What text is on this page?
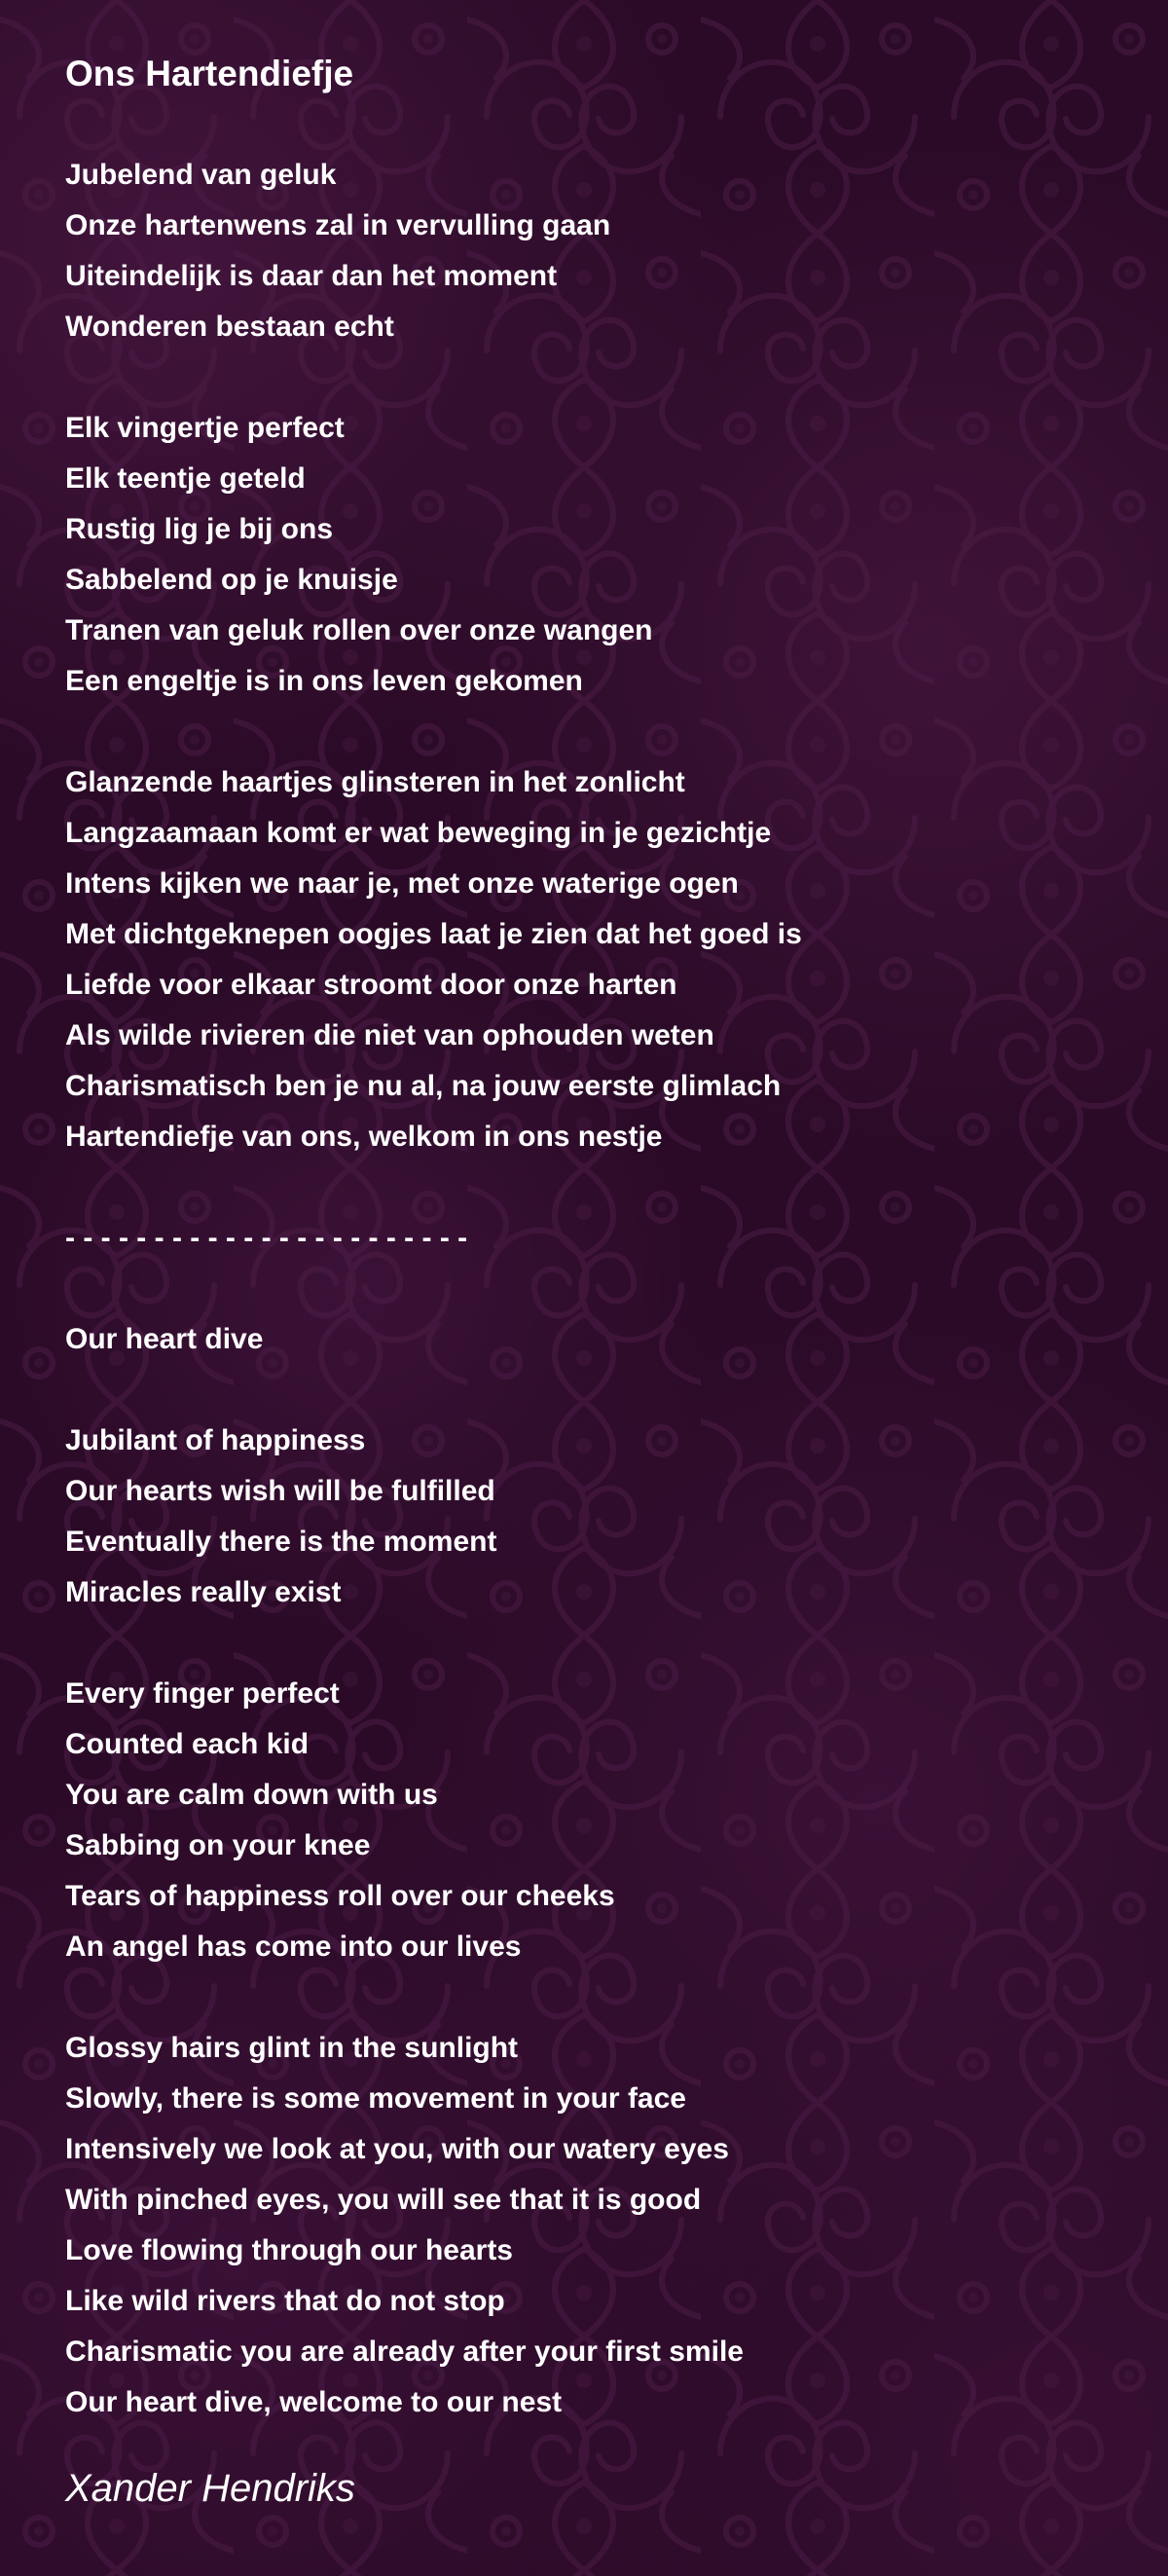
Ons Hartendiefje
Jubelend van geluk
Onze hartenwens zal in vervulling gaan
Uiteindelijk is daar dan het moment
Wonderen bestaan echt
Elk vingertje perfect
Elk teentje geteld
Rustig lig je bij ons
Sabbelend op je knuisje
Tranen van geluk rollen over onze wangen
Een engeltje is in ons leven gekomen
Glanzende haartjes glinsteren in het zonlicht
Langzaamaan komt er wat beweging in je gezichtje
Intens kijken we naar je, met onze waterige ogen
Met dichtgeknepen oogjes laat je zien dat het goed is
Liefde voor elkaar stroomt door onze harten
Als wilde rivieren die niet van ophouden weten
Charismatisch ben je nu al, na jouw eerste glimlach
Hartendiefje van ons, welkom in ons nestje
- - - - - - - - - - - - - - - - - - - - - - -
Our heart dive
Jubilant of happiness
Our hearts wish will be fulfilled
Eventually there is the moment
Miracles really exist
Every finger perfect
Counted each kid
You are calm down with us
Sabbing on your knee
Tears of happiness roll over our cheeks
An angel has come into our lives
Glossy hairs glint in the sunlight
Slowly, there is some movement in your face
Intensively we look at you, with our watery eyes
With pinched eyes, you will see that it is good
Love flowing through our hearts
Like wild rivers that do not stop
Charismatic you are already after your first smile
Our heart dive, welcome to our nest
Xander Hendriks
